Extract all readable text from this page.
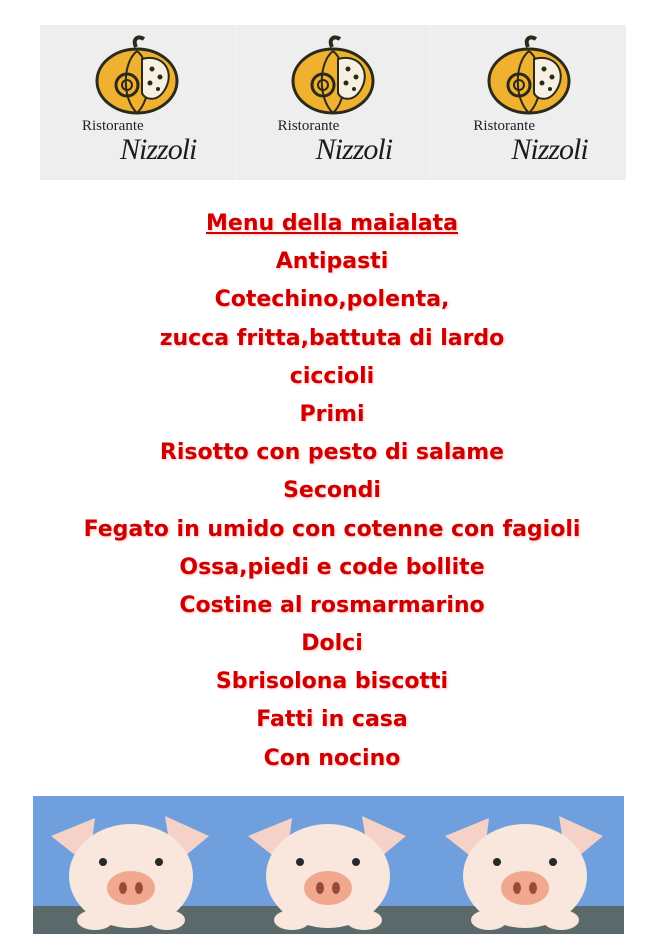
Ristorante
Nizzoli
Ristorante
Nizzoli
Ristorante
Nizzoli
Menu della maialata
Antipasti
Cotechino,polenta,
zucca fritta,battuta di lardo
ciccioli
Primi
Risotto con pesto di salame
Secondi
Fegato in umido con cotenne con fagioli
Ossa,piedi e code bollite
Costine al rosmarmarino
Dolci
Sbrisolona biscotti
Fatti in casa
Con nocino
